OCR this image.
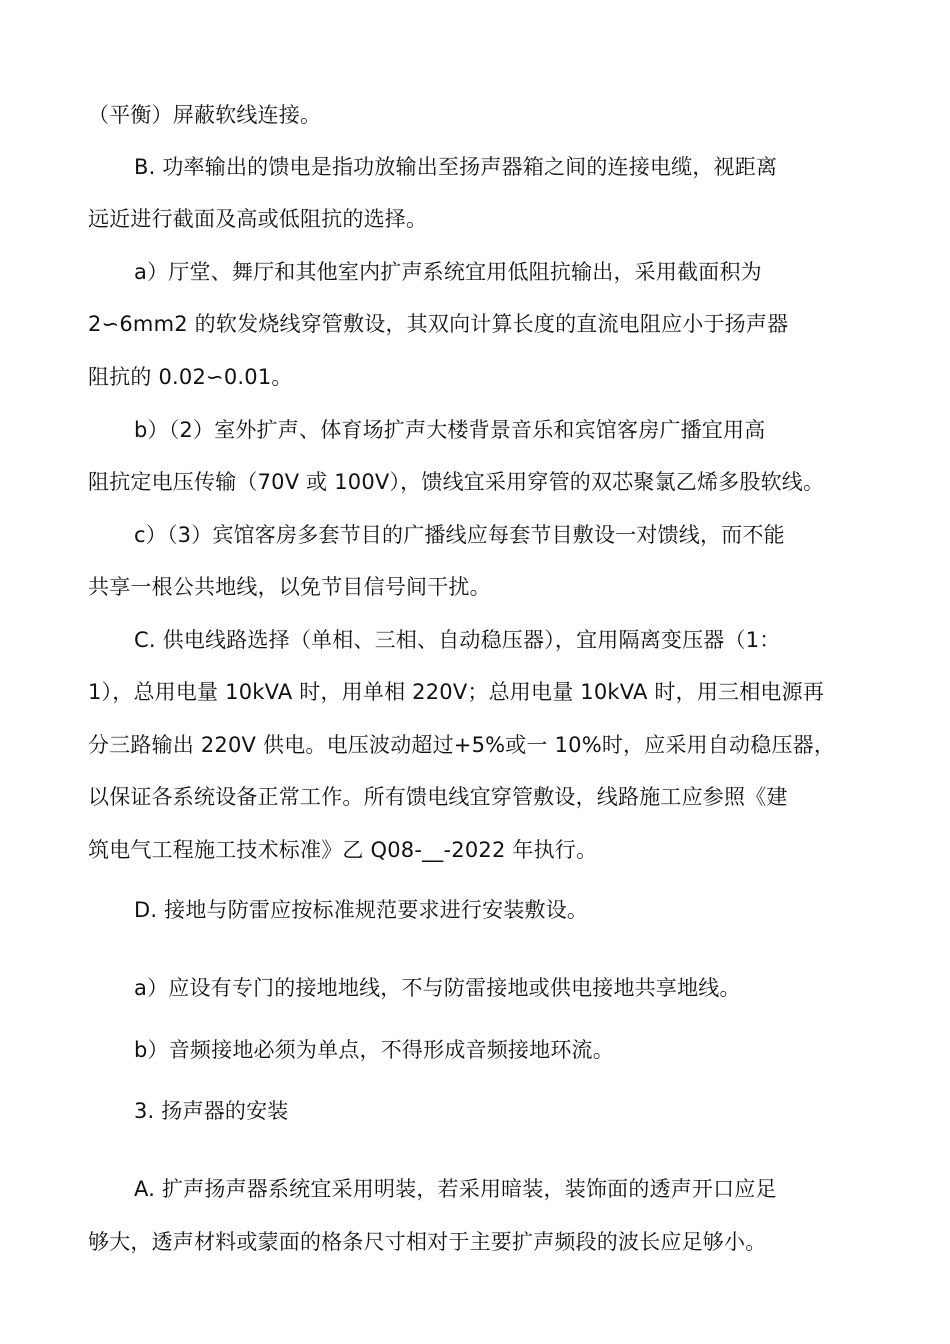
（平衡）屏蔽软线连接。

B. 功率输出的馈电是指功放输出至扬声器箱之间的连接电缆，视距离

远近进行截面及高或低阻抗的选择。

a）厅堂、舞厅和其他室内扩声系统宜用低阻抗输出，采用截面积为

2∽6mm2 的软发烧线穿管敷设，其双向计算长度的直流电阻应小于扬声器

阻抗的 0.02∽0.01。

b）（2）室外扩声、体育场扩声大楼背景音乐和宾馆客房广播宜用高

阻抗定电压传输（70V 或 100V），馈线宜采用穿管的双芯聚氯乙烯多股软线。

c）（3）宾馆客房多套节目的广播线应每套节目敷设一对馈线，而不能

共享一根公共地线，以免节目信号间干扰。

C. 供电线路选择（单相、三相、自动稳压器），宜用隔离变压器（1：

1），总用电量 10kVA 时，用单相 220V；总用电量 10kVA 时，用三相电源再

分三路输出 220V 供电。电压波动超过+5%或一 10%时，应采用自动稳压器，

以保证各系统设备正常工作。所有馈电线宜穿管敷设，线路施工应参照《建

筑电气工程施工技术标准》乙 Q08-__-2022 年执行。

D. 接地与防雷应按标准规范要求进行安装敷设。

a）应设有专门的接地地线，不与防雷接地或供电接地共享地线。

b）音频接地必须为单点，不得形成音频接地环流。

3. 扬声器的安装

A. 扩声扬声器系统宜采用明装，若采用暗装，装饰面的透声开口应足

够大，透声材料或蒙面的格条尺寸相对于主要扩声频段的波长应足够小。
